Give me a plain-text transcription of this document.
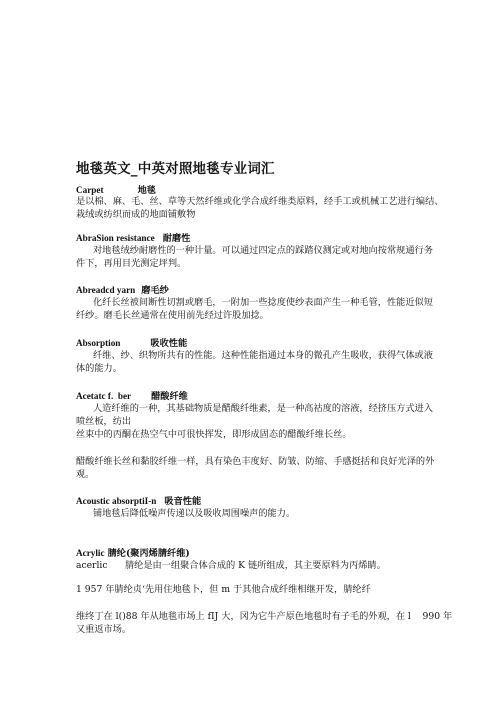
地毯英文_中英对照地毯专业词汇
Carpet	地毯
是以棉、麻、毛、丝、草等天然纤维或化学合成纤维类原料，经手工或机械工艺进行编结、
栽绒或纺织而成的地面铺敷物
AbraSion resistance 耐磨性
对地毯绒纱耐磨性的一种计量。可以通过四定点的踩踏仪测定或对地向按常规通行务
件下，再用目光测定坪判。
Abreadcd yarn 磨毛纱
化纤长丝被间断性切割或磨毛，一附加一些捻度使纱表面产生一种毛管，性能近似短
纤纱。磨毛长丝通常在使用前先经过许股加捻。
Absorption	吸收性能
纤维、纱、织物所共有的性能。这种性能指通过本身的微孔产生吸收，获得气体或液
体的能力。
Acetatc f.  ber 醋酸纤维
人造纤维的一种，其基础物质是醋酸纤维素，是一种高祜度的溶液，经挤压方式进入
喷丝板，纺出
丝束中的丙酮在热空气中可很快挥发，即形成固态的醋酸纤维长丝。
醋酸纤维长丝和黏胶纤维一样，具有染色丰度好、防皱、防缩、手感挺括和良好光泽的外
观。
Acoustic absorptiI-n 吸音性能
铺地毯后降低噪声传递以及吸收周围噪声的能力。
Acrylic 腈纶(聚丙烯腈纤维)
acerlic      腈纶是由一组聚合体合成的 K 链所组成，其主要原料为丙烯睛。
1 957 年腈纶贞‘先用住地毯卜，但 m 于其他合成纤维相继开发，腈纶纤
维终丁在 l()88 年从地毯市场上 fIJ 大，冈为它牛产原色地毯时有子毛的外观，在 l    990 年
又重返市场。
